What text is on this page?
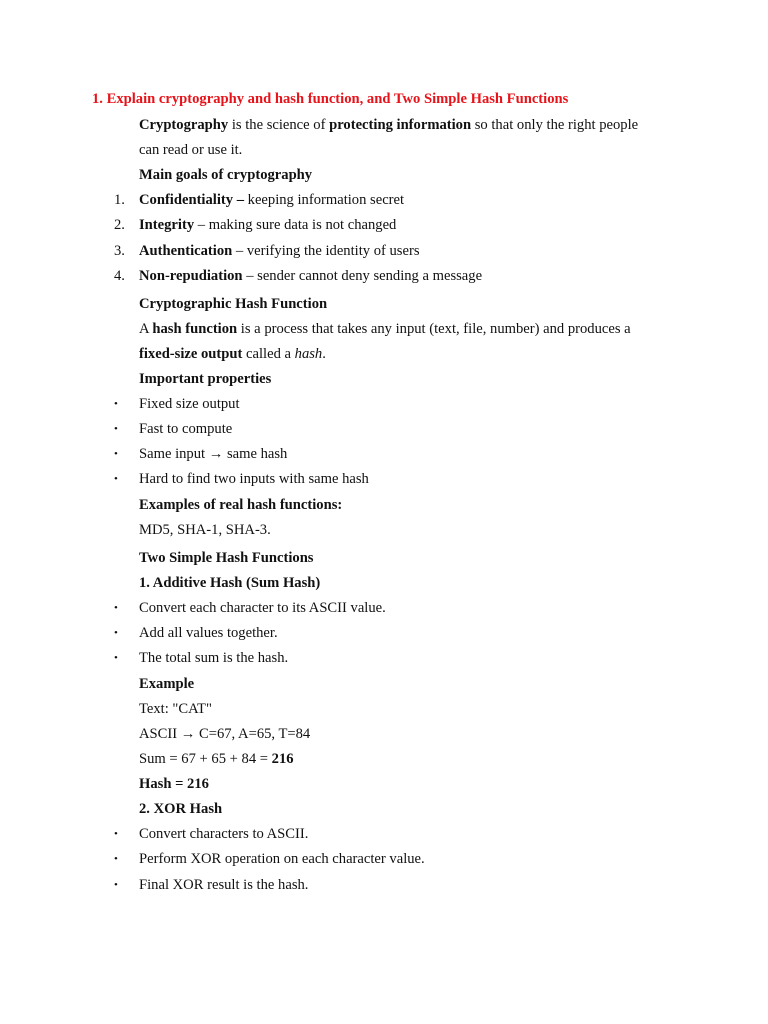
1. Explain cryptography and hash function, and Two Simple Hash Functions
Cryptography is the science of protecting information so that only the right people
can read or use it.
Main goals of cryptography
1. Confidentiality – keeping information secret
2. Integrity – making sure data is not changed
3. Authentication – verifying the identity of users
4. Non-repudiation – sender cannot deny sending a message
Cryptographic Hash Function
A hash function is a process that takes any input (text, file, number) and produces a
fixed-size output called a hash.
Important properties
• Fixed size output
• Fast to compute
• Same input → same hash
• Hard to find two inputs with same hash
Examples of real hash functions:
MD5, SHA-1, SHA-3.
Two Simple Hash Functions
1. Additive Hash (Sum Hash)
• Convert each character to its ASCII value.
• Add all values together.
• The total sum is the hash.
Example
Text: "CAT"
ASCII → C=67, A=65, T=84
Sum = 67 + 65 + 84 = 216
Hash = 216
2. XOR Hash
• Convert characters to ASCII.
• Perform XOR operation on each character value.
• Final XOR result is the hash.
